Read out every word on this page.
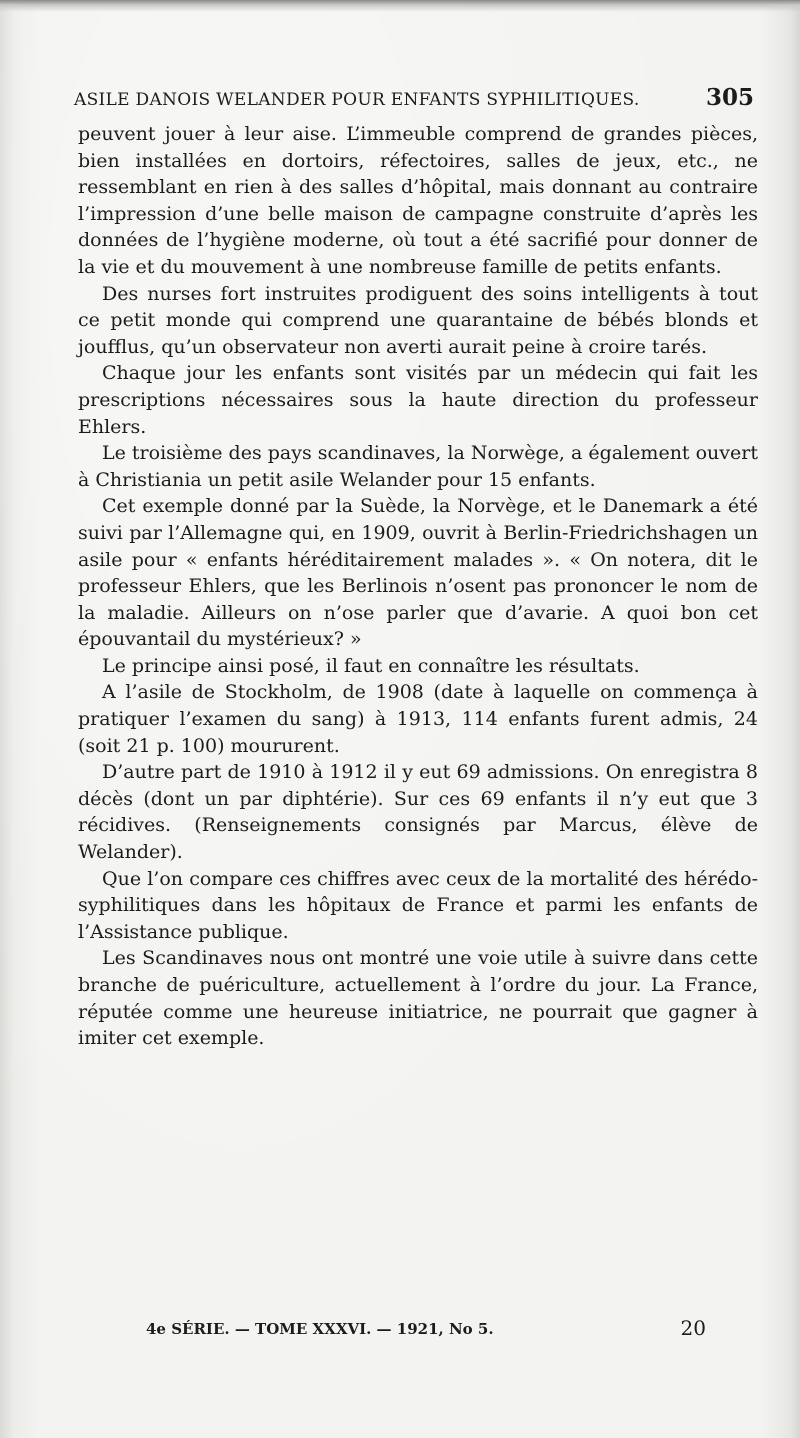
ASILE DANOIS WELANDER POUR ENFANTS SYPHILITIQUES.	305

peuvent jouer à leur aise. L’immeuble comprend de grandes pièces, bien installées en dortoirs, réfectoires, salles de jeux, etc., ne ressemblant en rien à des salles d’hôpital, mais donnant au contraire l’impression d’une belle maison de campagne construite d’après les données de l’hygiène moderne, où tout a été sacrifié pour donner de la vie et du mouvement à une nombreuse famille de petits enfants.

Des nurses fort instruites prodiguent des soins intelligents à tout ce petit monde qui comprend une quarantaine de bébés blonds et joufflus, qu’un observateur non averti aurait peine à croire tarés.

Chaque jour les enfants sont visités par un médecin qui fait les prescriptions nécessaires sous la haute direction du professeur Ehlers.

Le troisième des pays scandinaves, la Norwège, a également ouvert à Christiania un petit asile Welander pour 15 enfants.

Cet exemple donné par la Suède, la Norvège, et le Danemark a été suivi par l’Allemagne qui, en 1909, ouvrit à Berlin-Friedrichshagen un asile pour « enfants héréditairement malades ». « On notera, dit le professeur Ehlers, que les Berlinois n’osent pas prononcer le nom de la maladie. Ailleurs on n’ose parler que d’avarie. A quoi bon cet épouvantail du mystérieux? »

Le principe ainsi posé, il faut en connaître les résultats.

A l’asile de Stockholm, de 1908 (date à laquelle on commença à pratiquer l’examen du sang) à 1913, 114 enfants furent admis, 24 (soit 21 p. 100) moururent.

D’autre part de 1910 à 1912 il y eut 69 admissions. On enregistra 8 décès (dont un par diphtérie). Sur ces 69 enfants il n’y eut que 3 récidives. (Renseignements consignés par Marcus, élève de Welander).

Que l’on compare ces chiffres avec ceux de la mortalité des hérédo-syphilitiques dans les hôpitaux de France et parmi les enfants de l’Assistance publique.

Les Scandinaves nous ont montré une voie utile à suivre dans cette branche de puériculture, actuellement à l’ordre du jour. La France, réputée comme une heureuse initiatrice, ne pourrait que gagner à imiter cet exemple.

4e SÉRIE. — TOME XXXVI. — 1921, No 5.	20
